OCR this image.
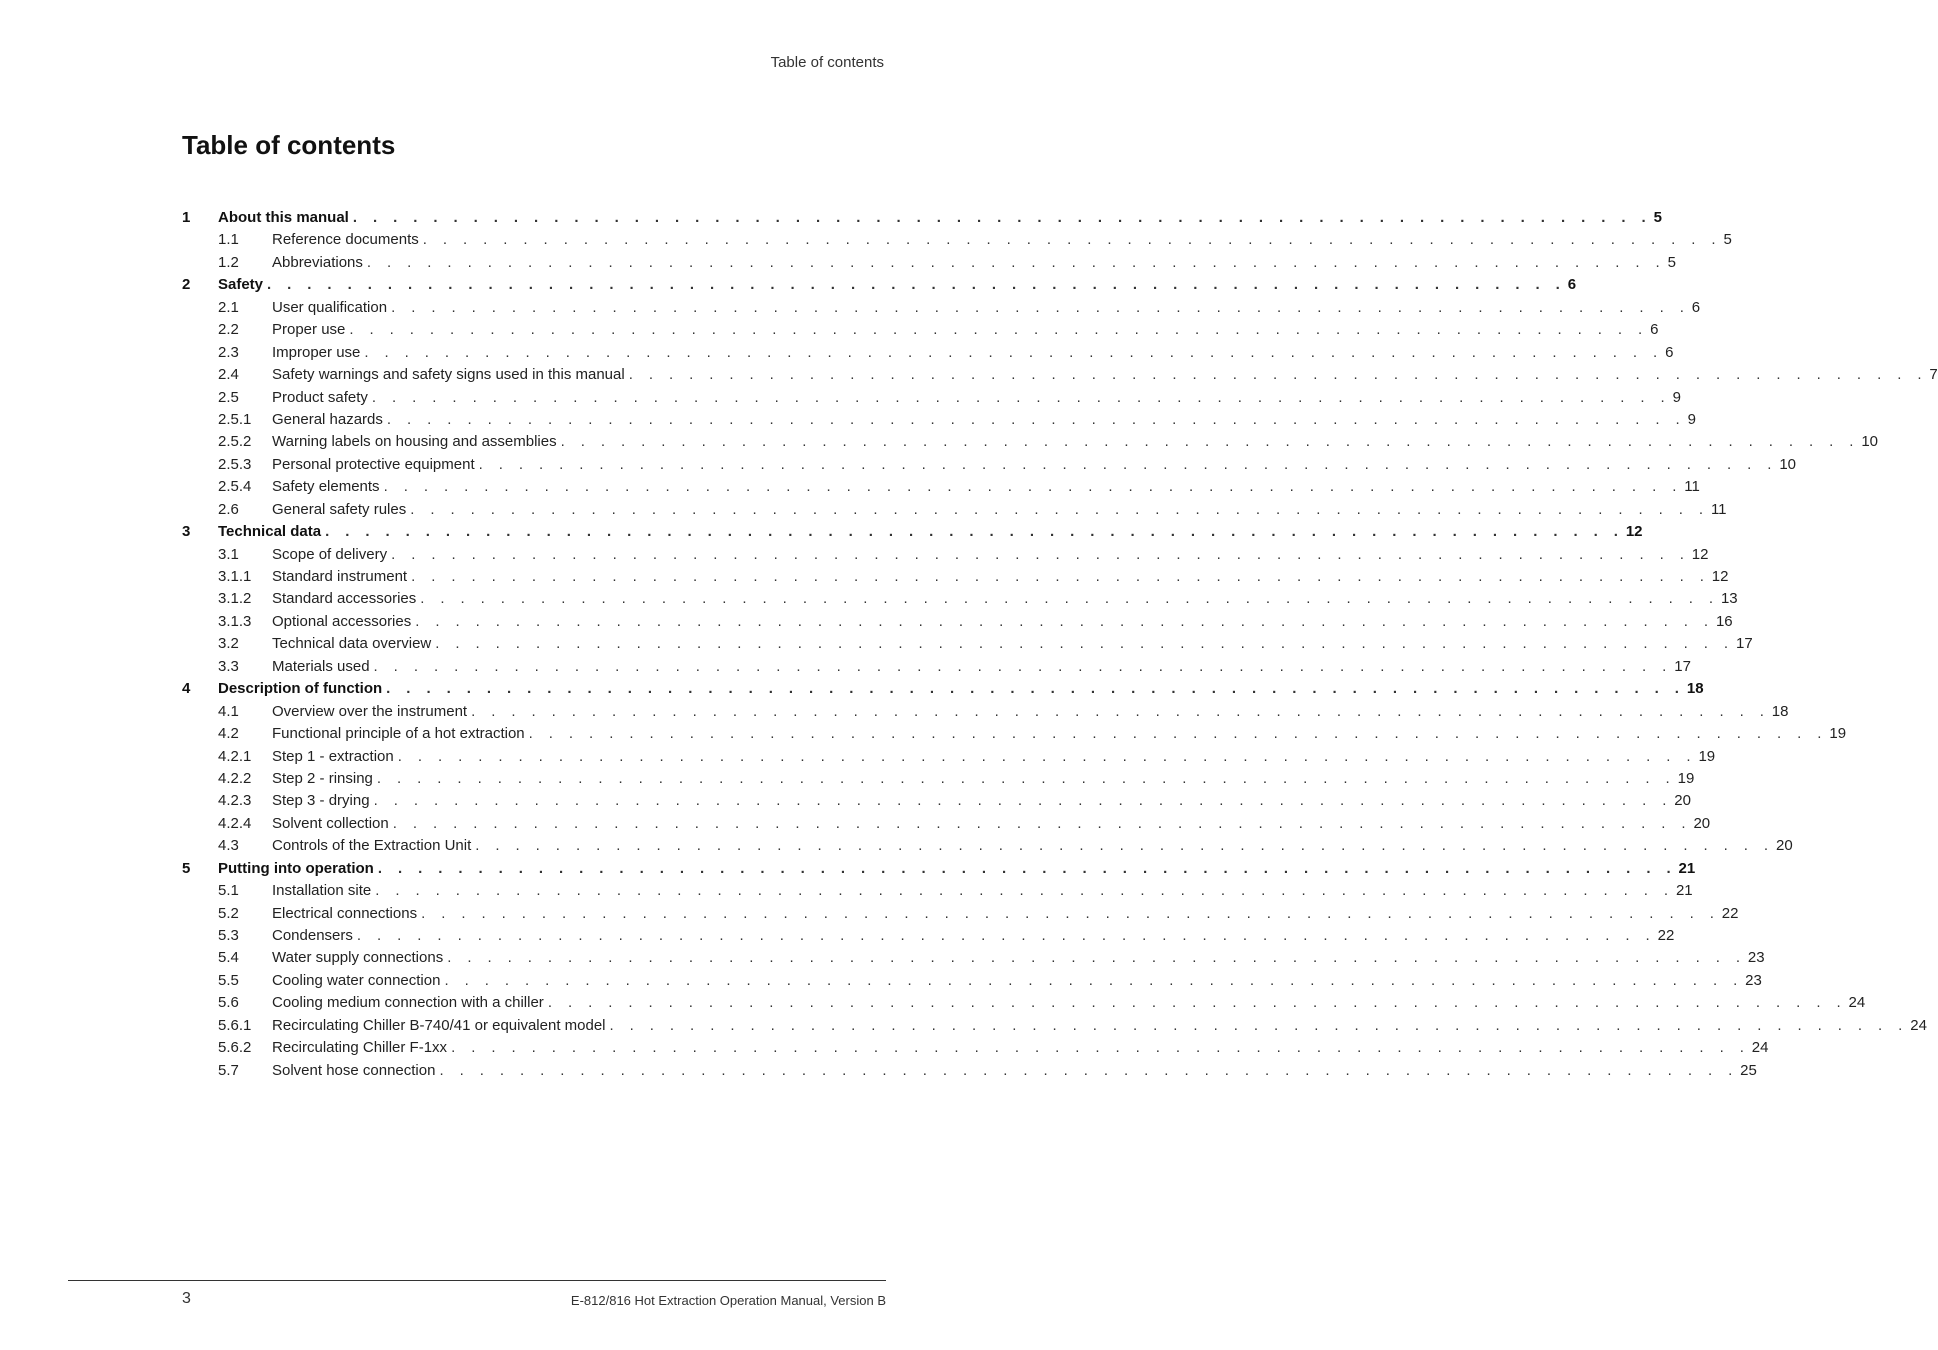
Table of contents
Table of contents
1 About this manual . . . . . . . . . . . . . . . . . . . . . . . . . . . . . . . . . . . . . . . . . . . . . . . . . . . . . . . . . . . . . . . . . 5
1.1 Reference documents . . . . . . . . . . . . . . . . . . . . . . . . . . . . . . . . . . . . . . . . . . . . . . . . . . . . . . . . . . . . . . . . . 5
1.2 Abbreviations . . . . . . . . . . . . . . . . . . . . . . . . . . . . . . . . . . . . . . . . . . . . . . . . . . . . . . . . . . . . . . . . . 5
2 Safety . . . . . . . . . . . . . . . . . . . . . . . . . . . . . . . . . . . . . . . . . . . . . . . . . . . . . . . . . . . . . . . . . 6
2.1 User qualification . . . . . . . . . . . . . . . . . . . . . . . . . . . . . . . . . . . . . . . . . . . . . . . . . . . . . . . . . . . . . . . . . 6
2.2 Proper use . . . . . . . . . . . . . . . . . . . . . . . . . . . . . . . . . . . . . . . . . . . . . . . . . . . . . . . . . . . . . . . . . 6
2.3 Improper use . . . . . . . . . . . . . . . . . . . . . . . . . . . . . . . . . . . . . . . . . . . . . . . . . . . . . . . . . . . . . . . . . 6
2.4 Safety warnings and safety signs used in this manual . . . . . . . . . . . . . . . . . . . . . . . . . . . . . . . . . . . . . . . . . . . . . . . . . . . . . . . . . . . . . . . . . 7
2.5 Product safety . . . . . . . . . . . . . . . . . . . . . . . . . . . . . . . . . . . . . . . . . . . . . . . . . . . . . . . . . . . . . . . . . 9
2.5.1 General hazards . . . . . . . . . . . . . . . . . . . . . . . . . . . . . . . . . . . . . . . . . . . . . . . . . . . . . . . . . . . . . . . . . 9
2.5.2 Warning labels on housing and assemblies . . . . . . . . . . . . . . . . . . . . . . . . . . . . . . . . . . . . . . . . . . . . . . . . . . . . . . . . . . . . . . . . . 10
2.5.3 Personal protective equipment . . . . . . . . . . . . . . . . . . . . . . . . . . . . . . . . . . . . . . . . . . . . . . . . . . . . . . . . . . . . . . . . . 10
2.5.4 Safety elements . . . . . . . . . . . . . . . . . . . . . . . . . . . . . . . . . . . . . . . . . . . . . . . . . . . . . . . . . . . . . . . . . 11
2.6 General safety rules . . . . . . . . . . . . . . . . . . . . . . . . . . . . . . . . . . . . . . . . . . . . . . . . . . . . . . . . . . . . . . . . . 11
3 Technical data . . . . . . . . . . . . . . . . . . . . . . . . . . . . . . . . . . . . . . . . . . . . . . . . . . . . . . . . . . . . . . . . . 12
3.1 Scope of delivery . . . . . . . . . . . . . . . . . . . . . . . . . . . . . . . . . . . . . . . . . . . . . . . . . . . . . . . . . . . . . . . . . 12
3.1.1 Standard instrument . . . . . . . . . . . . . . . . . . . . . . . . . . . . . . . . . . . . . . . . . . . . . . . . . . . . . . . . . . . . . . . . . 12
3.1.2 Standard accessories . . . . . . . . . . . . . . . . . . . . . . . . . . . . . . . . . . . . . . . . . . . . . . . . . . . . . . . . . . . . . . . . . 13
3.1.3 Optional accessories . . . . . . . . . . . . . . . . . . . . . . . . . . . . . . . . . . . . . . . . . . . . . . . . . . . . . . . . . . . . . . . . . 16
3.2 Technical data overview . . . . . . . . . . . . . . . . . . . . . . . . . . . . . . . . . . . . . . . . . . . . . . . . . . . . . . . . . . . . . . . . . 17
3.3 Materials used . . . . . . . . . . . . . . . . . . . . . . . . . . . . . . . . . . . . . . . . . . . . . . . . . . . . . . . . . . . . . . . . . 17
4 Description of function . . . . . . . . . . . . . . . . . . . . . . . . . . . . . . . . . . . . . . . . . . . . . . . . . . . . . . . . . . . . . . . . . 18
4.1 Overview over the instrument . . . . . . . . . . . . . . . . . . . . . . . . . . . . . . . . . . . . . . . . . . . . . . . . . . . . . . . . . . . . . . . . . 18
4.2 Functional principle of a hot extraction . . . . . . . . . . . . . . . . . . . . . . . . . . . . . . . . . . . . . . . . . . . . . . . . . . . . . . . . . . . . . . . . . 19
4.2.1 Step 1 - extraction . . . . . . . . . . . . . . . . . . . . . . . . . . . . . . . . . . . . . . . . . . . . . . . . . . . . . . . . . . . . . . . . . 19
4.2.2 Step 2 - rinsing . . . . . . . . . . . . . . . . . . . . . . . . . . . . . . . . . . . . . . . . . . . . . . . . . . . . . . . . . . . . . . . . . 19
4.2.3 Step 3 - drying . . . . . . . . . . . . . . . . . . . . . . . . . . . . . . . . . . . . . . . . . . . . . . . . . . . . . . . . . . . . . . . . . 20
4.2.4 Solvent collection . . . . . . . . . . . . . . . . . . . . . . . . . . . . . . . . . . . . . . . . . . . . . . . . . . . . . . . . . . . . . . . . . 20
4.3 Controls of the Extraction Unit . . . . . . . . . . . . . . . . . . . . . . . . . . . . . . . . . . . . . . . . . . . . . . . . . . . . . . . . . . . . . . . . . 20
5 Putting into operation . . . . . . . . . . . . . . . . . . . . . . . . . . . . . . . . . . . . . . . . . . . . . . . . . . . . . . . . . . . . . . . . . 21
5.1 Installation site . . . . . . . . . . . . . . . . . . . . . . . . . . . . . . . . . . . . . . . . . . . . . . . . . . . . . . . . . . . . . . . . . 21
5.2 Electrical connections . . . . . . . . . . . . . . . . . . . . . . . . . . . . . . . . . . . . . . . . . . . . . . . . . . . . . . . . . . . . . . . . . 22
5.3 Condensers . . . . . . . . . . . . . . . . . . . . . . . . . . . . . . . . . . . . . . . . . . . . . . . . . . . . . . . . . . . . . . . . . 22
5.4 Water supply connections . . . . . . . . . . . . . . . . . . . . . . . . . . . . . . . . . . . . . . . . . . . . . . . . . . . . . . . . . . . . . . . . . 23
5.5 Cooling water connection . . . . . . . . . . . . . . . . . . . . . . . . . . . . . . . . . . . . . . . . . . . . . . . . . . . . . . . . . . . . . . . . . 23
5.6 Cooling medium connection with a chiller . . . . . . . . . . . . . . . . . . . . . . . . . . . . . . . . . . . . . . . . . . . . . . . . . . . . . . . . . . . . . . . . . 24
5.6.1 Recirculating Chiller B-740/41 or equivalent model . . . . . . . . . . . . . . . . . . . . . . . . . . . . . . . . . . . . . . . . . . . . . . . . . . . . . . . . . . . . . . . . . 24
5.6.2 Recirculating Chiller F-1xx . . . . . . . . . . . . . . . . . . . . . . . . . . . . . . . . . . . . . . . . . . . . . . . . . . . . . . . . . . . . . . . . . 24
5.7 Solvent hose connection . . . . . . . . . . . . . . . . . . . . . . . . . . . . . . . . . . . . . . . . . . . . . . . . . . . . . . . . . . . . . . . . . 25
3	E-812/816 Hot Extraction Operation Manual, Version B
